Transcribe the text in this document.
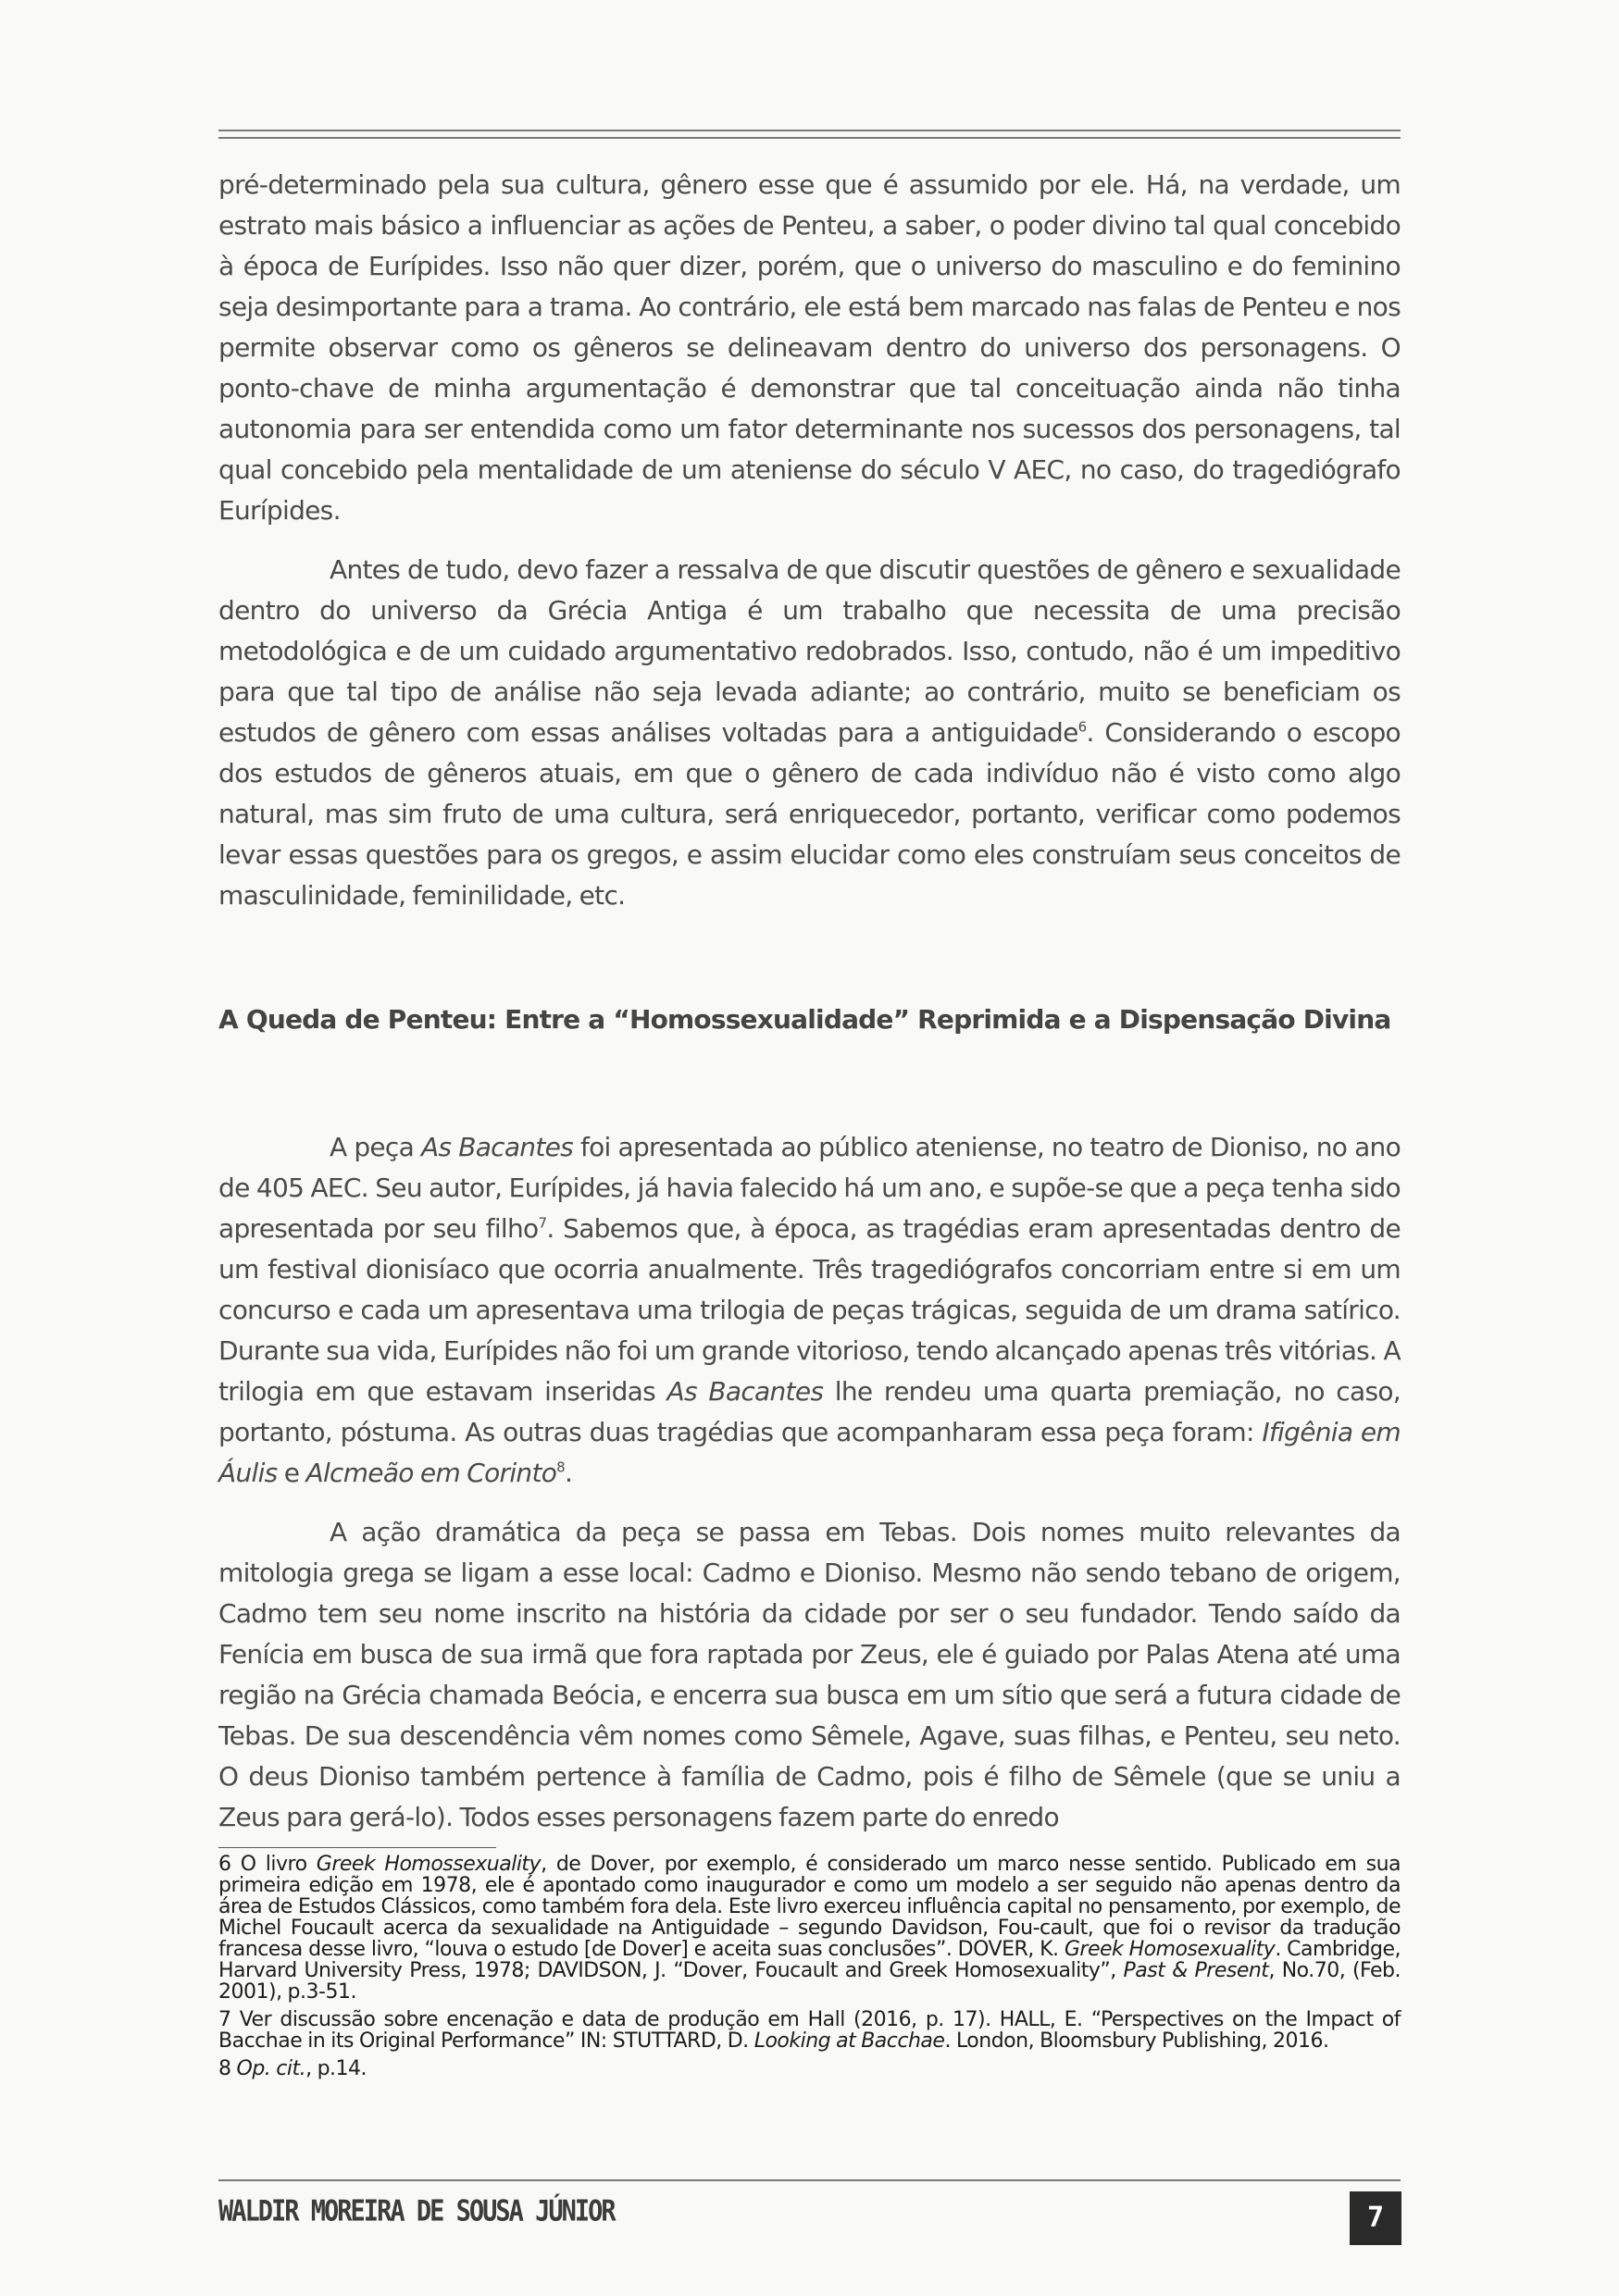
pré-determinado pela sua cultura, gênero esse que é assumido por ele. Há, na verdade, um estrato mais básico a influenciar as ações de Penteu, a saber, o poder divino tal qual concebido à época de Eurípides. Isso não quer dizer, porém, que o universo do masculino e do feminino seja desimportante para a trama. Ao contrário, ele está bem marcado nas falas de Penteu e nos permite observar como os gêneros se delineavam dentro do universo dos personagens. O ponto-chave de minha argumentação é demonstrar que tal conceituação ainda não tinha autonomia para ser entendida como um fator determinante nos sucessos dos personagens, tal qual concebido pela mentalidade de um ateniense do século V AEC, no caso, do tragediógrafo Eurípides.

Antes de tudo, devo fazer a ressalva de que discutir questões de gênero e sexualidade dentro do universo da Grécia Antiga é um trabalho que necessita de uma precisão metodológica e de um cuidado argumentativo redobrados. Isso, contudo, não é um impeditivo para que tal tipo de análise não seja levada adiante; ao contrário, muito se beneficiam os estudos de gênero com essas análises voltadas para a antiguidade$^6$. Considerando o escopo dos estudos de gêneros atuais, em que o gênero de cada indivíduo não é visto como algo natural, mas sim fruto de uma cultura, será enriquecedor, portanto, verificar como podemos levar essas questões para os gregos, e assim elucidar como eles construíam seus conceitos de masculinidade, feminilidade, etc.

A Queda de Penteu: Entre a “Homossexualidade” Reprimida e a Dispensação Divina

A peça As Bacantes foi apresentada ao público ateniense, no teatro de Dioniso, no ano de 405 AEC. Seu autor, Eurípides, já havia falecido há um ano, e supõe-se que a peça tenha sido apresentada por seu filho$^7$. Sabemos que, à época, as tragédias eram apresentadas dentro de um festival dionisíaco que ocorria anualmente. Três tragediógrafos concorriam entre si em um concurso e cada um apresentava uma trilogia de peças trágicas, seguida de um drama satírico. Durante sua vida, Eurípides não foi um grande vitorioso, tendo alcançado apenas três vitórias. A trilogia em que estavam inseridas As Bacantes lhe rendeu uma quarta premiação, no caso, portanto, póstuma. As outras duas tragédias que acompanharam essa peça foram: Ifigênia em Áulis e Alcmeão em Corinto$^8$.

A ação dramática da peça se passa em Tebas. Dois nomes muito relevantes da mitologia grega se ligam a esse local: Cadmo e Dioniso. Mesmo não sendo tebano de origem, Cadmo tem seu nome inscrito na história da cidade por ser o seu fundador. Tendo saído da Fenícia em busca de sua irmã que fora raptada por Zeus, ele é guiado por Palas Atena até uma região na Grécia chamada Beócia, e encerra sua busca em um sítio que será a futura cidade de Tebas. De sua descendência vêm nomes como Sêmele, Agave, suas filhas, e Penteu, seu neto. O deus Dioniso também pertence à família de Cadmo, pois é filho de Sêmele (que se uniu a Zeus para gerá-lo). Todos esses personagens fazem parte do enredo

6 O livro Greek Homossexuality, de Dover, por exemplo, é considerado um marco nesse sentido. Publicado em sua primeira edição em 1978, ele é apontado como inaugurador e como um modelo a ser seguido não apenas dentro da área de Estudos Clássicos, como também fora dela. Este livro exerceu influência capital no pensamento, por exemplo, de Michel Foucault acerca da sexualidade na Antiguidade – segundo Davidson, Fou-cault, que foi o revisor da tradução francesa desse livro, “louva o estudo [de Dover] e aceita suas conclusões”. DOVER, K. Greek Homosexuality. Cambridge, Harvard University Press, 1978; DAVIDSON, J. “Dover, Foucault and Greek Homosexuality”, Past & Present, No.70, (Feb. 2001), p.3-51.

7 Ver discussão sobre encenação e data de produção em Hall (2016, p. 17). HALL, E. “Perspectives on the Impact of Bacchae in its Original Performance” IN: STUTTARD, D. Looking at Bacchae. London, Bloomsbury Publishing, 2016.

8 Op. cit., p.14.

WALDIR MOREIRA DE SOUSA JÚNIOR	7
